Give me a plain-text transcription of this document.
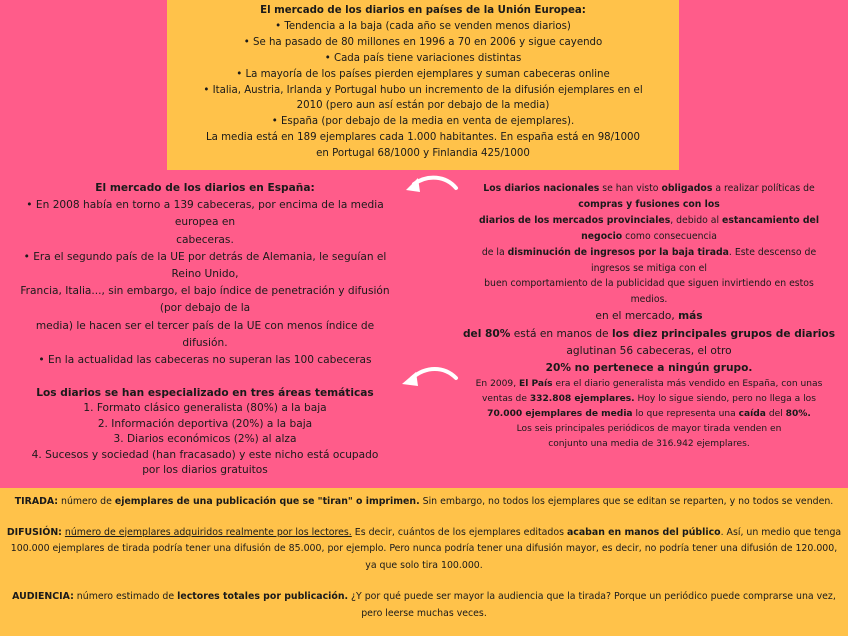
El mercado de los diarios en países de la Unión Europea:
• Tendencia a la baja (cada año se venden menos diarios)
• Se ha pasado de 80 millones en 1996 a 70 en 2006 y sigue cayendo
• Cada país tiene variaciones distintas
• La mayoría de los países pierden ejemplares y suman cabeceras online
• Italia, Austria, Irlanda y Portugal hubo un incremento de la difusión ejemplares en el
2010 (pero aun así están por debajo de la media)
• España (por debajo de la media en venta de ejemplares).
La media está en 189 ejemplares cada 1.000 habitantes. En españa está en 98/1000
en Portugal 68/1000 y Finlandia 425/1000
El mercado de los diarios en España:
• En 2008 había en torno a 139 cabeceras, por encima de la media
europea en
cabeceras.
• Era el segundo país de la UE por detrás de Alemania, le seguían el
Reino Unido,
Francia, Italia..., sin embargo, el bajo índice de penetración y difusión
(por debajo de la
media) le hacen ser el tercer país de la UE con menos índice de
difusión.
• En la actualidad las cabeceras no superan las 100 cabeceras
Los diarios se han especializado en tres áreas temáticas
1. Formato clásico generalista (80%) a la baja
2. Información deportiva (20%) a la baja
3. Diarios económicos (2%) al alza
4. Sucesos y sociedad (han fracasado) y este nicho está ocupado
por los diarios gratuitos
Los diarios nacionales se han visto obligados a realizar políticas de
compras y fusiones con los
diarios de los mercados provinciales, debido al estancamiento del
negocio como consecuencia
de la disminución de ingresos por la baja tirada. Este descenso de
ingresos se mitiga con el
buen comportamiento de la publicidad que siguen invirtiendo en estos
medios.
en el mercado, más
del 80% está en manos de los diez principales grupos de diarios
aglutinan 56 cabeceras, el otro
20% no pertenece a ningún grupo.
En 2009, El País era el diario generalista más vendido en España, con unas
ventas de 332.808 ejemplares. Hoy lo sigue siendo, pero no llega a los
70.000 ejemplares de media lo que representa una caída del 80%.
Los seis principales periódicos de mayor tirada venden en
conjunto una media de 316.942 ejemplares.

TIRADA: número de ejemplares de una publicación que se "tiran" o imprimen. Sin embargo, no todos los ejemplares que se editan se reparten, y no todos se venden.

DIFUSIÓN: número de ejemplares adquiridos realmente por los lectores. Es decir, cuántos de los ejemplares editados acaban en manos del público. Así, un medio que tenga 100.000 ejemplares de tirada podría tener una difusión de 85.000, por ejemplo. Pero nunca podría tener una difusión mayor, es decir, no podría tener una difusión de 120.000, ya que solo tira 100.000.

AUDIENCIA: número estimado de lectores totales por publicación. ¿Y por qué puede ser mayor la audiencia que la tirada? Porque un periódico puede comprarse una vez, pero leerse muchas veces.
